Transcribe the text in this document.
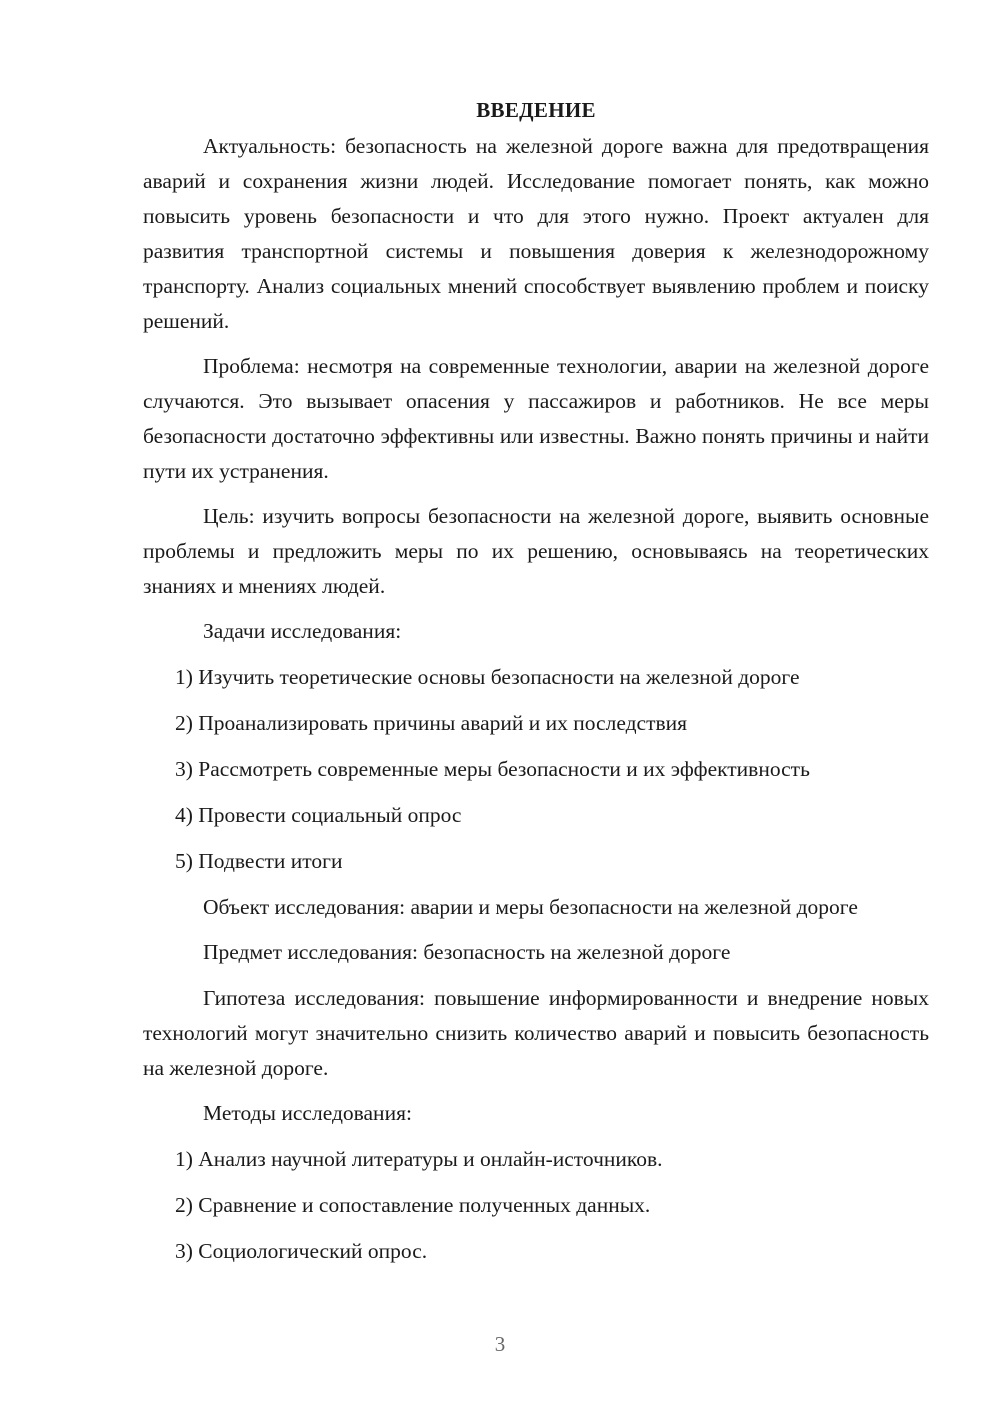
ВВЕДЕНИЕ

Актуальность: безопасность на железной дороге важна для предотвращения аварий и сохранения жизни людей. Исследование помогает понять, как можно повысить уровень безопасности и что для этого нужно. Проект актуален для развития транспортной системы и повышения доверия к железнодорожному транспорту. Анализ социальных мнений способствует выявлению проблем и поиску решений.

Проблема: несмотря на современные технологии, аварии на железной дороге случаются. Это вызывает опасения у пассажиров и работников. Не все меры безопасности достаточно эффективны или известны. Важно понять причины и найти пути их устранения.

Цель: изучить вопросы безопасности на железной дороге, выявить основные проблемы и предложить меры по их решению, основываясь на теоретических знаниях и мнениях людей.

Задачи исследования:

1) Изучить теоретические основы безопасности на железной дороге
2) Проанализировать причины аварий и их последствия
3) Рассмотреть современные меры безопасности и их эффективность
4) Провести социальный опрос
5) Подвести итоги

Объект исследования: аварии и меры безопасности на железной дороге

Предмет исследования: безопасность на железной дороге

Гипотеза исследования: повышение информированности и внедрение новых технологий могут значительно снизить количество аварий и повысить безопасность на железной дороге.

Методы исследования:

1) Анализ научной литературы и онлайн-источников.
2) Сравнение и сопоставление полученных данных.
3) Социологический опрос.
3
